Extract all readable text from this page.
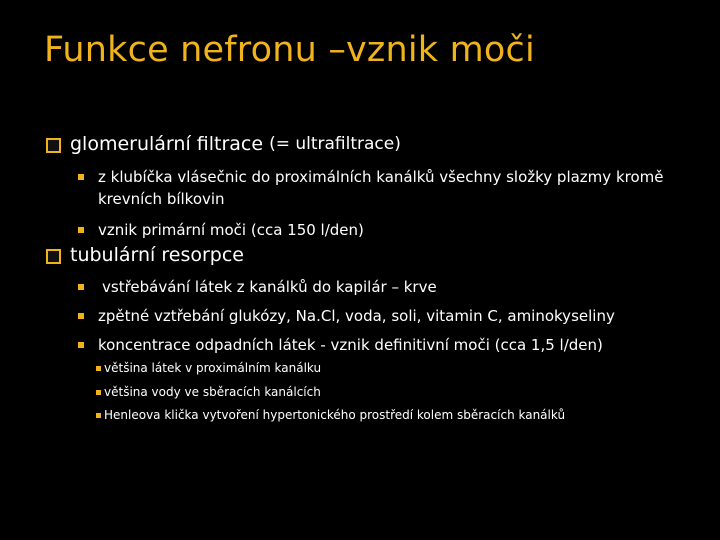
Funkce nefronu –vznik moči
glomerulární filtrace (= ultrafiltrace)
z klubíčka vlásečnic do proximálních kanálků všechny složky plazmy kromě krevních bílkovin
vznik primární moči (cca 150 l/den)
tubulární resorpce
vstřebávání látek z kanálků do kapilár – krve
zpětné vztřebání glukózy, Na.Cl, voda, soli, vitamin C, aminokyseliny
koncentrace odpadních látek - vznik definitivní moči (cca 1,5 l/den)
většina látek v proximálním kanálku
většina vody ve sběracích kanálcích
Henleova klička vytvoření hypertonického prostředí kolem sběracích kanálků
